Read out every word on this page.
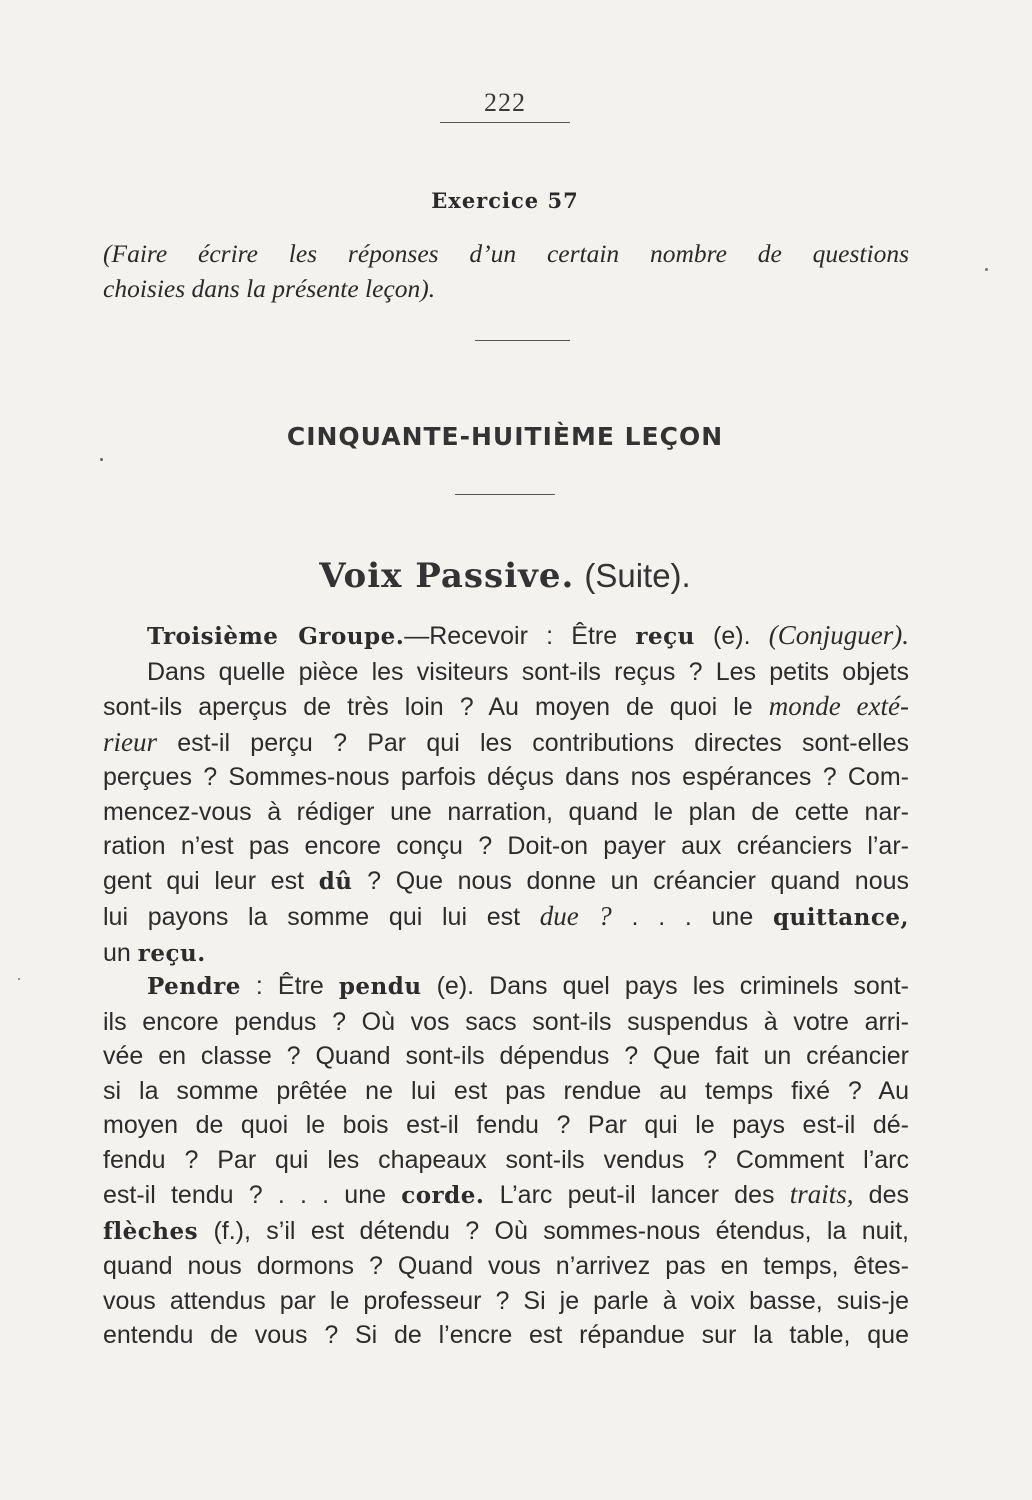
222
Exercice 57
(Faire écrire les réponses d’un certain nombre de questions
choisies dans la présente leçon).
CINQUANTE-HUITIÈME LEÇON
Voix Passive. (Suite).
Troisième Groupe.—Recevoir : Être reçu (e). (Conjuguer).
Dans quelle pièce les visiteurs sont-ils reçus ? Les petits objets
sont-ils aperçus de très loin ? Au moyen de quoi le monde exté-
rieur est-il perçu ? Par qui les contributions directes sont-elles
perçues ? Sommes-nous parfois déçus dans nos espérances ? Com-
mencez-vous à rédiger une narration, quand le plan de cette nar-
ration n’est pas encore conçu ? Doit-on payer aux créanciers l’ar-
gent qui leur est dû ? Que nous donne un créancier quand nous
lui payons la somme qui lui est due ? . . . une quittance,
un reçu.
Pendre : Être pendu (e). Dans quel pays les criminels sont-
ils encore pendus ? Où vos sacs sont-ils suspendus à votre arri-
vée en classe ? Quand sont-ils dépendus ? Que fait un créancier
si la somme prêtée ne lui est pas rendue au temps fixé ? Au
moyen de quoi le bois est-il fendu ? Par qui le pays est-il dé-
fendu ? Par qui les chapeaux sont-ils vendus ? Comment l’arc
est-il tendu ? . . . une corde. L’arc peut-il lancer des traits, des
flèches (f.), s’il est détendu ? Où sommes-nous étendus, la nuit,
quand nous dormons ? Quand vous n’arrivez pas en temps, êtes-
vous attendus par le professeur ? Si je parle à voix basse, suis-je
entendu de vous ? Si de l’encre est répandue sur la table, que
